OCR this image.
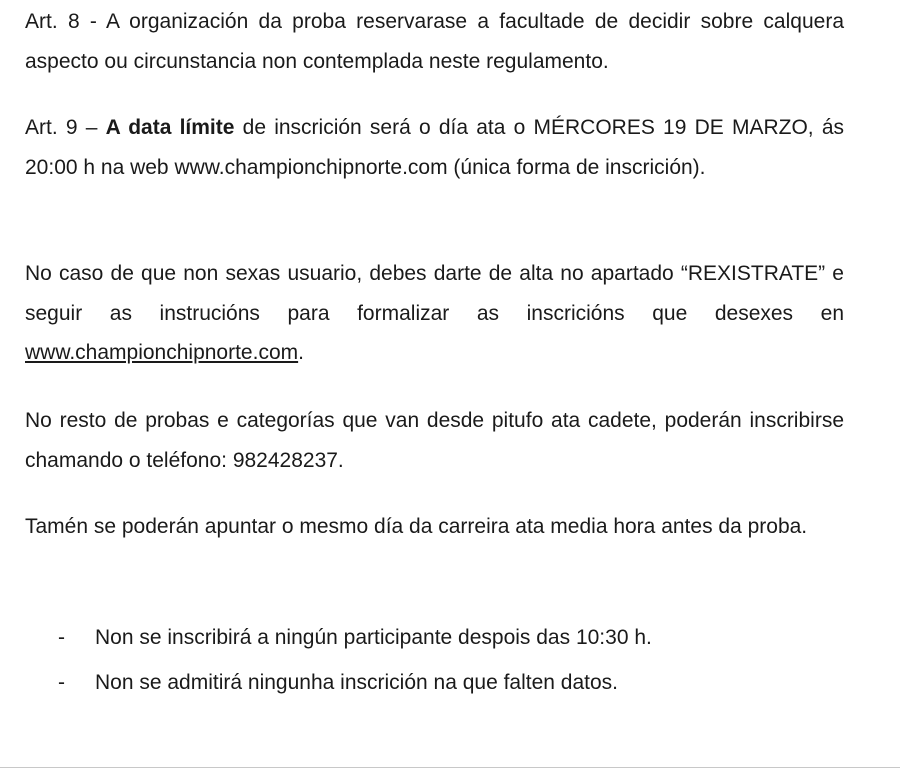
Art. 8 - A organización da proba reservarase a facultade de decidir sobre calquera aspecto ou circunstancia non contemplada neste regulamento.

Art. 9 – A data límite de inscrición será o día ata o MÉRCORES 19 DE MARZO, ás 20:00 h na web www.championchipnorte.com (única forma de inscrición).

No caso de que non sexas usuario, debes darte de alta no apartado “REXISTRATE” e seguir as instrucións para formalizar as inscricións que desexes en www.championchipnorte.com.

No resto de probas e categorías que van desde pitufo ata cadete, poderán inscribirse chamando o teléfono: 982428237.

Tamén se poderán apuntar o mesmo día da carreira ata media hora antes da proba.

- Non se inscribirá a ningún participante despois das 10:30 h.
- Non se admitirá ningunha inscrición na que falten datos.
